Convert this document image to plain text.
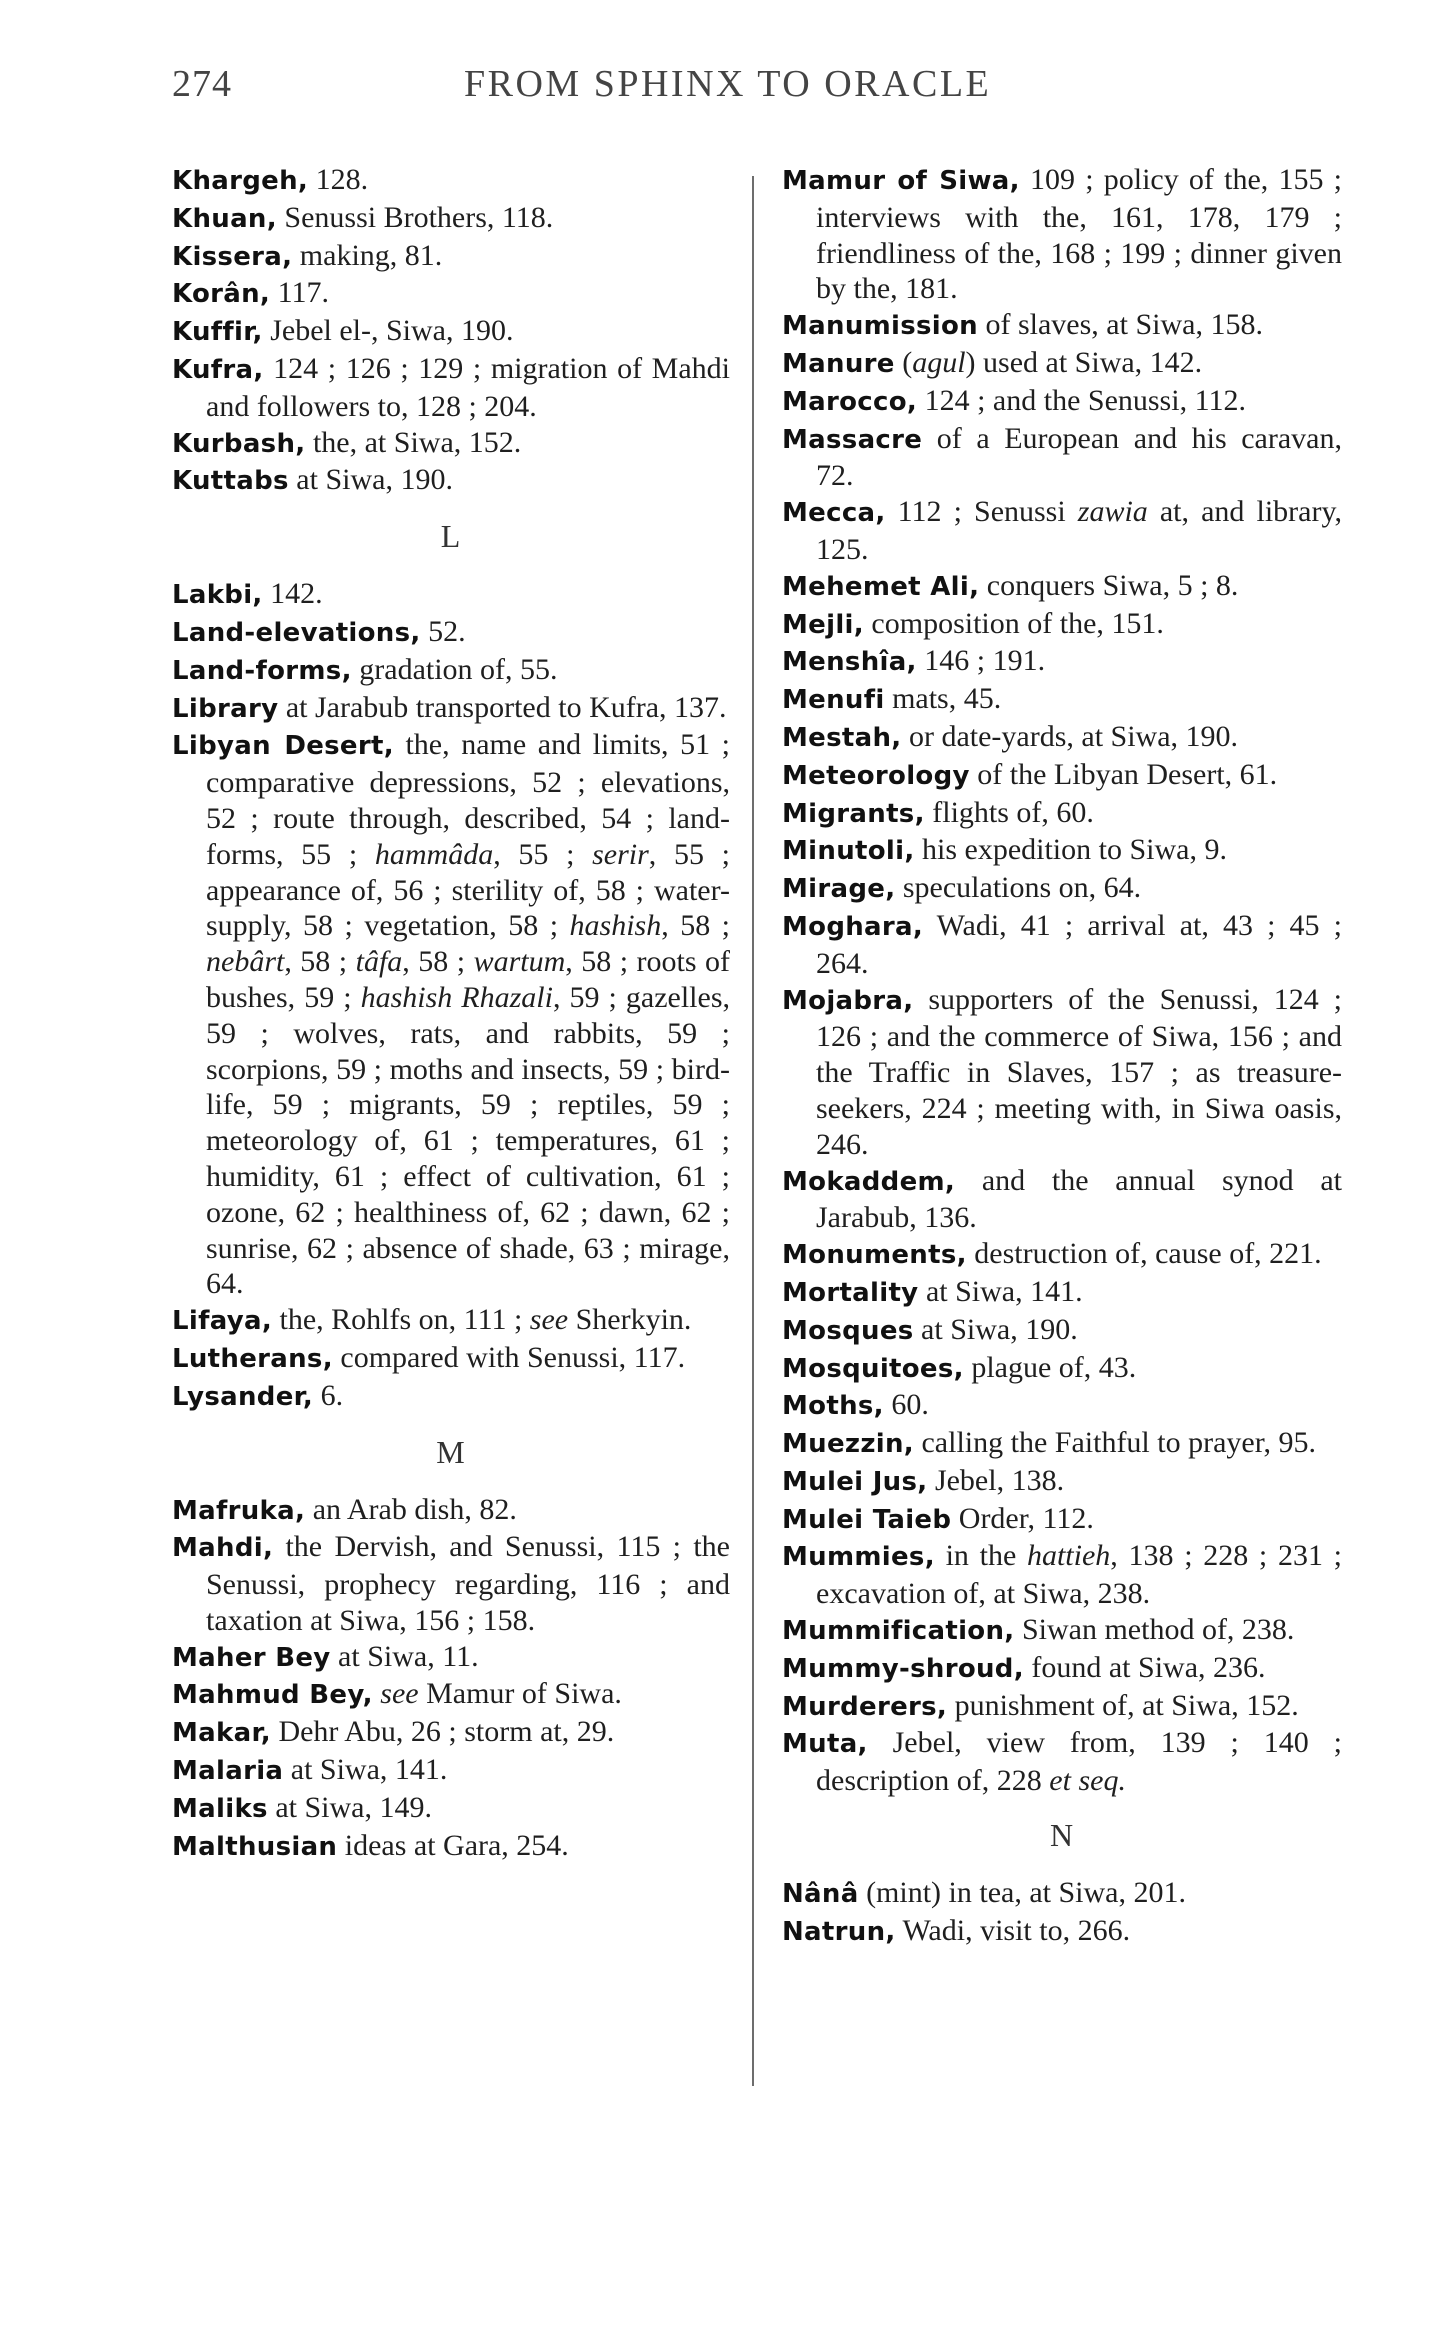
274	FROM SPHINX TO ORACLE

Khargeh, 128.

Khuan, Senussi Brothers, 118.

Kissera, making, 81.

Korân, 117.

Kuffir, Jebel el-, Siwa, 190.

Kufra, 124 ; 126 ; 129 ; migration of Mahdi and followers to, 128 ; 204.

Kurbash, the, at Siwa, 152.

Kuttabs at Siwa, 190.

L

Lakbi, 142.

Land-elevations, 52.

Land-forms, gradation of, 55.

Library at Jarabub transported to Kufra, 137.

Libyan Desert, the, name and limits, 51 ; comparative depressions, 52 ; elevations, 52 ; route through, described, 54 ; land-forms, 55 ; hammâda, 55 ; serir, 55 ; appearance of, 56 ; sterility of, 58 ; water-supply, 58 ; vegetation, 58 ; hashish, 58 ; nebârt, 58 ; tâfa, 58 ; wartum, 58 ; roots of bushes, 59 ; hashish Rhazali, 59 ; gazelles, 59 ; wolves, rats, and rabbits, 59 ; scorpions, 59 ; moths and insects, 59 ; bird-life, 59 ; migrants, 59 ; reptiles, 59 ; meteorology of, 61 ; temperatures, 61 ; humidity, 61 ; effect of cultivation, 61 ; ozone, 62 ; healthiness of, 62 ; dawn, 62 ; sunrise, 62 ; absence of shade, 63 ; mirage, 64.

Lifaya, the, Rohlfs on, 111 ; see Sherkyin.

Lutherans, compared with Senussi, 117.

Lysander, 6.

M

Mafruka, an Arab dish, 82.

Mahdi, the Dervish, and Senussi, 115 ; the Senussi, prophecy regarding, 116 ; and taxation at Siwa, 156 ; 158.

Maher Bey at Siwa, 11.

Mahmud Bey, see Mamur of Siwa.

Makar, Dehr Abu, 26 ; storm at, 29.

Malaria at Siwa, 141.

Maliks at Siwa, 149.

Malthusian ideas at Gara, 254.

Mamur of Siwa, 109 ; policy of the, 155 ; interviews with the, 161, 178, 179 ; friendliness of the, 168 ; 199 ; dinner given by the, 181.

Manumission of slaves, at Siwa, 158.

Manure (agul) used at Siwa, 142.

Marocco, 124 ; and the Senussi, 112.

Massacre of a European and his caravan, 72.

Mecca, 112 ; Senussi zawia at, and library, 125.

Mehemet Ali, conquers Siwa, 5 ; 8.

Mejli, composition of the, 151.

Menshîa, 146 ; 191.

Menufi mats, 45.

Mestah, or date-yards, at Siwa, 190.

Meteorology of the Libyan Desert, 61.

Migrants, flights of, 60.

Minutoli, his expedition to Siwa, 9.

Mirage, speculations on, 64.

Moghara, Wadi, 41 ; arrival at, 43 ; 45 ; 264.

Mojabra, supporters of the Senussi, 124 ; 126 ; and the commerce of Siwa, 156 ; and the Traffic in Slaves, 157 ; as treasure-seekers, 224 ; meeting with, in Siwa oasis, 246.

Mokaddem, and the annual synod at Jarabub, 136.

Monuments, destruction of, cause of, 221.

Mortality at Siwa, 141.

Mosques at Siwa, 190.

Mosquitoes, plague of, 43.

Moths, 60.

Muezzin, calling the Faithful to prayer, 95.

Mulei Jus, Jebel, 138.

Mulei Taieb Order, 112.

Mummies, in the hattieh, 138 ; 228 ; 231 ; excavation of, at Siwa, 238.

Mummification, Siwan method of, 238.

Mummy-shroud, found at Siwa, 236.

Murderers, punishment of, at Siwa, 152.

Muta, Jebel, view from, 139 ; 140 ; description of, 228 et seq.

N

Nânâ (mint) in tea, at Siwa, 201.

Natrun, Wadi, visit to, 266.
